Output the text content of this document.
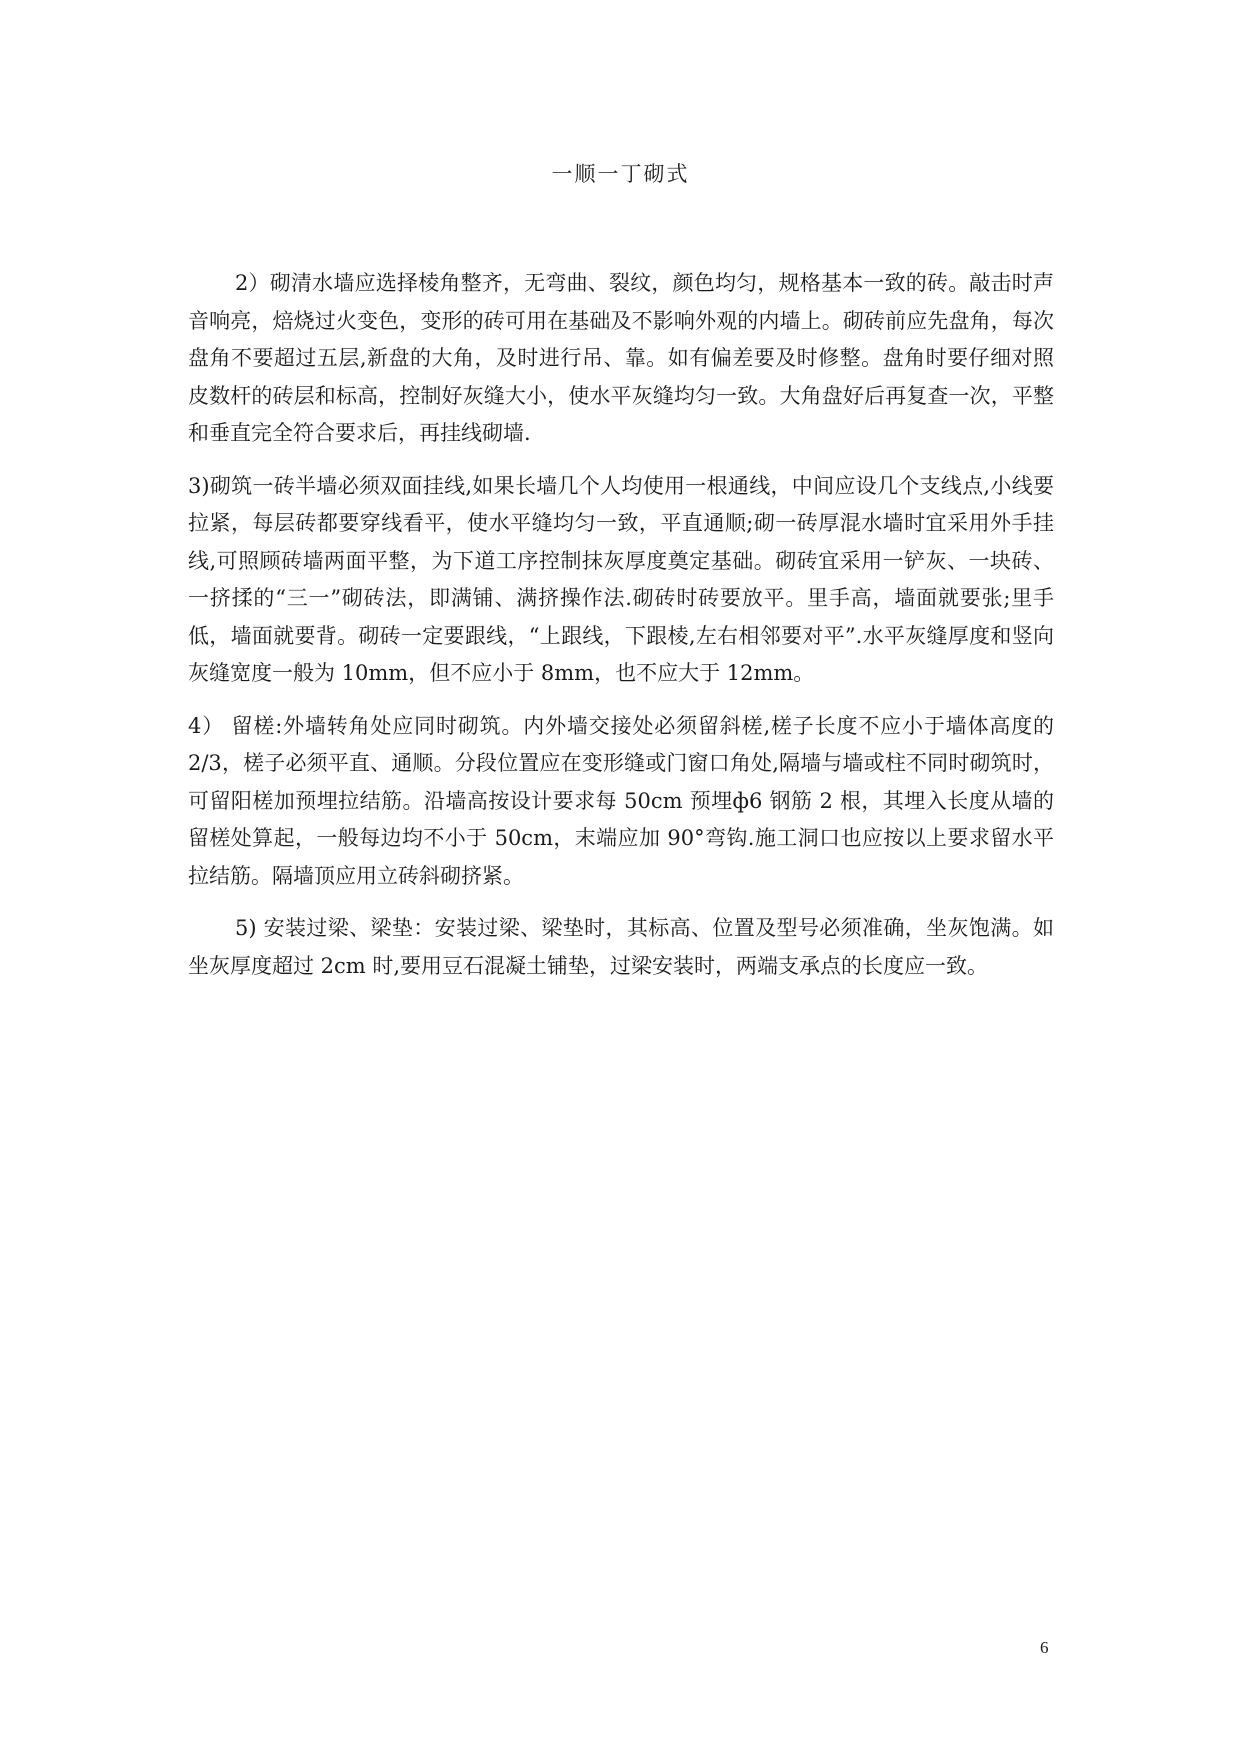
一顺一丁砌式

2）砌清水墙应选择棱角整齐，无弯曲、裂纹，颜色均匀，规格基本一致的砖。敲击时声音响亮，焙烧过火变色，变形的砖可用在基础及不影响外观的内墙上。砌砖前应先盘角，每次盘角不要超过五层,新盘的大角，及时进行吊、靠。如有偏差要及时修整。盘角时要仔细对照皮数杆的砖层和标高，控制好灰缝大小，使水平灰缝均匀一致。大角盘好后再复查一次，平整和垂直完全符合要求后，再挂线砌墙.

3)砌筑一砖半墙必须双面挂线,如果长墙几个人均使用一根通线，中间应设几个支线点,小线要拉紧，每层砖都要穿线看平，使水平缝均匀一致，平直通顺;砌一砖厚混水墙时宜采用外手挂线,可照顾砖墙两面平整，为下道工序控制抹灰厚度奠定基础。砌砖宜采用一铲灰、一块砖、一挤揉的“三一”砌砖法，即满铺、满挤操作法.砌砖时砖要放平。里手高，墙面就要张;里手低，墙面就要背。砌砖一定要跟线，“上跟线，下跟棱,左右相邻要对平”.水平灰缝厚度和竖向灰缝宽度一般为 10mm，但不应小于 8mm，也不应大于 12mm。

4） 留槎:外墙转角处应同时砌筑。内外墙交接处必须留斜槎,槎子长度不应小于墙体高度的 2/3，槎子必须平直、通顺。分段位置应在变形缝或门窗口角处,隔墙与墙或柱不同时砌筑时，可留阳槎加预埋拉结筋。沿墙高按设计要求每 50cm 预埋ф6 钢筋 2 根，其埋入长度从墙的留槎处算起，一般每边均不小于 50cm，末端应加 90°弯钩.施工洞口也应按以上要求留水平拉结筋。隔墙顶应用立砖斜砌挤紧。

5) 安装过梁、梁垫：安装过梁、梁垫时，其标高、位置及型号必须准确，坐灰饱满。如坐灰厚度超过 2cm 时,要用豆石混凝土铺垫，过梁安装时，两端支承点的长度应一致。

6
